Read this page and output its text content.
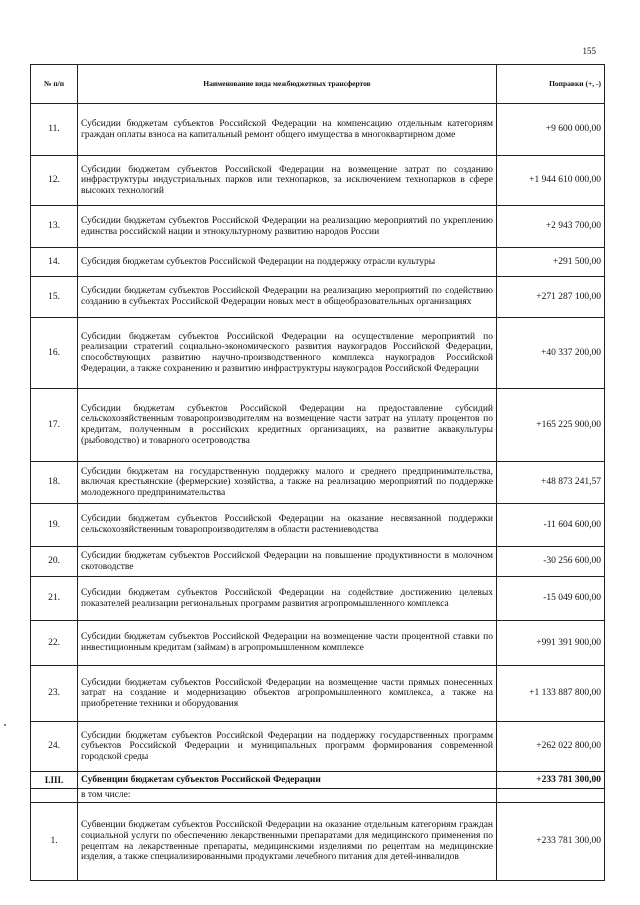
155
№ п/п	Наименование вида межбюджетных трансфертов	Поправки (+, -)
11.	Субсидии бюджетам субъектов Российской Федерации на компенсацию отдельным категориям граждан оплаты взноса на капитальный ремонт общего имущества в многоквартирном доме	+9 600 000,00
12.	Субсидии бюджетам субъектов Российской Федерации на возмещение затрат по созданию инфраструктуры индустриальных парков или технопарков, за исключением технопарков в сфере высоких технологий	+1 944 610 000,00
13.	Субсидии бюджетам субъектов Российской Федерации на реализацию мероприятий по укреплению единства российской нации и этнокультурному развитию народов России	+2 943 700,00
14.	Субсидия бюджетам субъектов Российской Федерации на поддержку отрасли культуры	+291 500,00
15.	Субсидии бюджетам субъектов Российской Федерации на реализацию мероприятий по содействию созданию в субъектах Российской Федерации новых мест в общеобразовательных организациях	+271 287 100,00
16.	Субсидии бюджетам субъектов Российской Федерации на осуществление мероприятий по реализации стратегий социально-экономического развития наукоградов Российской Федерации, способствующих развитию научно-производственного комплекса наукоградов Российской Федерации, а также сохранению и развитию инфраструктуры наукоградов Российской Федерации	+40 337 200,00
17.	Субсидии бюджетам субъектов Российской Федерации на предоставление субсидий сельскохозяйственным товаропроизводителям на возмещение части затрат на уплату процентов по кредитам, полученным в российских кредитных организациях, на развитие аквакультуры (рыбоводство) и товарного осетроводства	+165 225 900,00
18.	Субсидии бюджетам на государственную поддержку малого и среднего предпринимательства, включая крестьянские (фермерские) хозяйства, а также на реализацию мероприятий по поддержке молодежного предпринимательства	+48 873 241,57
19.	Субсидии бюджетам субъектов Российской Федерации на оказание несвязанной поддержки сельскохозяйственным товаропроизводителям в области растениеводства	-11 604 600,00
20.	Субсидии бюджетам субъектов Российской Федерации на повышение продуктивности в молочном скотоводстве	-30 256 600,00
21.	Субсидии бюджетам субъектов Российской Федерации на содействие достижению целевых показателей реализации региональных программ развития агропромышленного комплекса	-15 049 600,00
22.	Субсидии бюджетам субъектов Российской Федерации на возмещение части процентной ставки по инвестиционным кредитам (займам) в агропромышленном комплексе	+991 391 900,00
23.	Субсидии бюджетам субъектов Российской Федерации на возмещение части прямых понесенных затрат на создание и модернизацию объектов агропромышленного комплекса, а также на приобретение техники и оборудования	+1 133 887 800,00
24.	Субсидии бюджетам субъектов Российской Федерации на поддержку государственных программ субъектов Российской Федерации и муниципальных программ формирования современной городской среды	+262 022 800,00
I.III.	Субвенции бюджетам субъектов Российской Федерации	+233 781 300,00
	в том числе:	
1.	Субвенции бюджетам субъектов Российской Федерации на оказание отдельным категориям граждан социальной услуги по обеспечению лекарственными препаратами для медицинского применения по рецептам на лекарственные препараты, медицинскими изделиями по рецептам на медицинские изделия, а также специализированными продуктами лечебного питания для детей-инвалидов	+233 781 300,00
